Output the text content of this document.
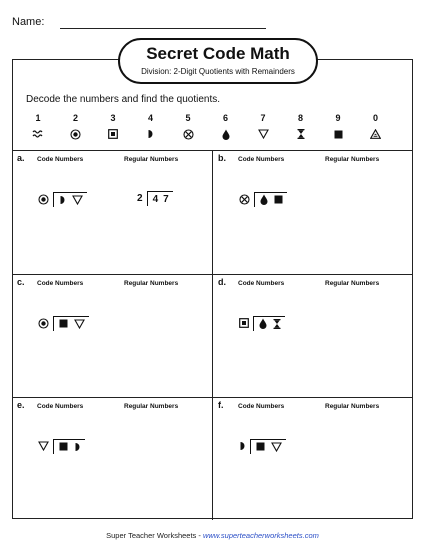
Name:
Secret Code Math
Division: 2-Digit Quotients with Remainders
Decode the numbers and find the quotients.
1	2	3	4	5	6	7	8	9	0
a. Code Numbers	Regular Numbers
2 4 7
b. Code Numbers	Regular Numbers
c. Code Numbers	Regular Numbers	d. Code Numbers	Regular Numbers
e. Code Numbers	Regular Numbers	f. Code Numbers	Regular Numbers
Super Teacher Worksheets - www.superteacherworksheets.com
